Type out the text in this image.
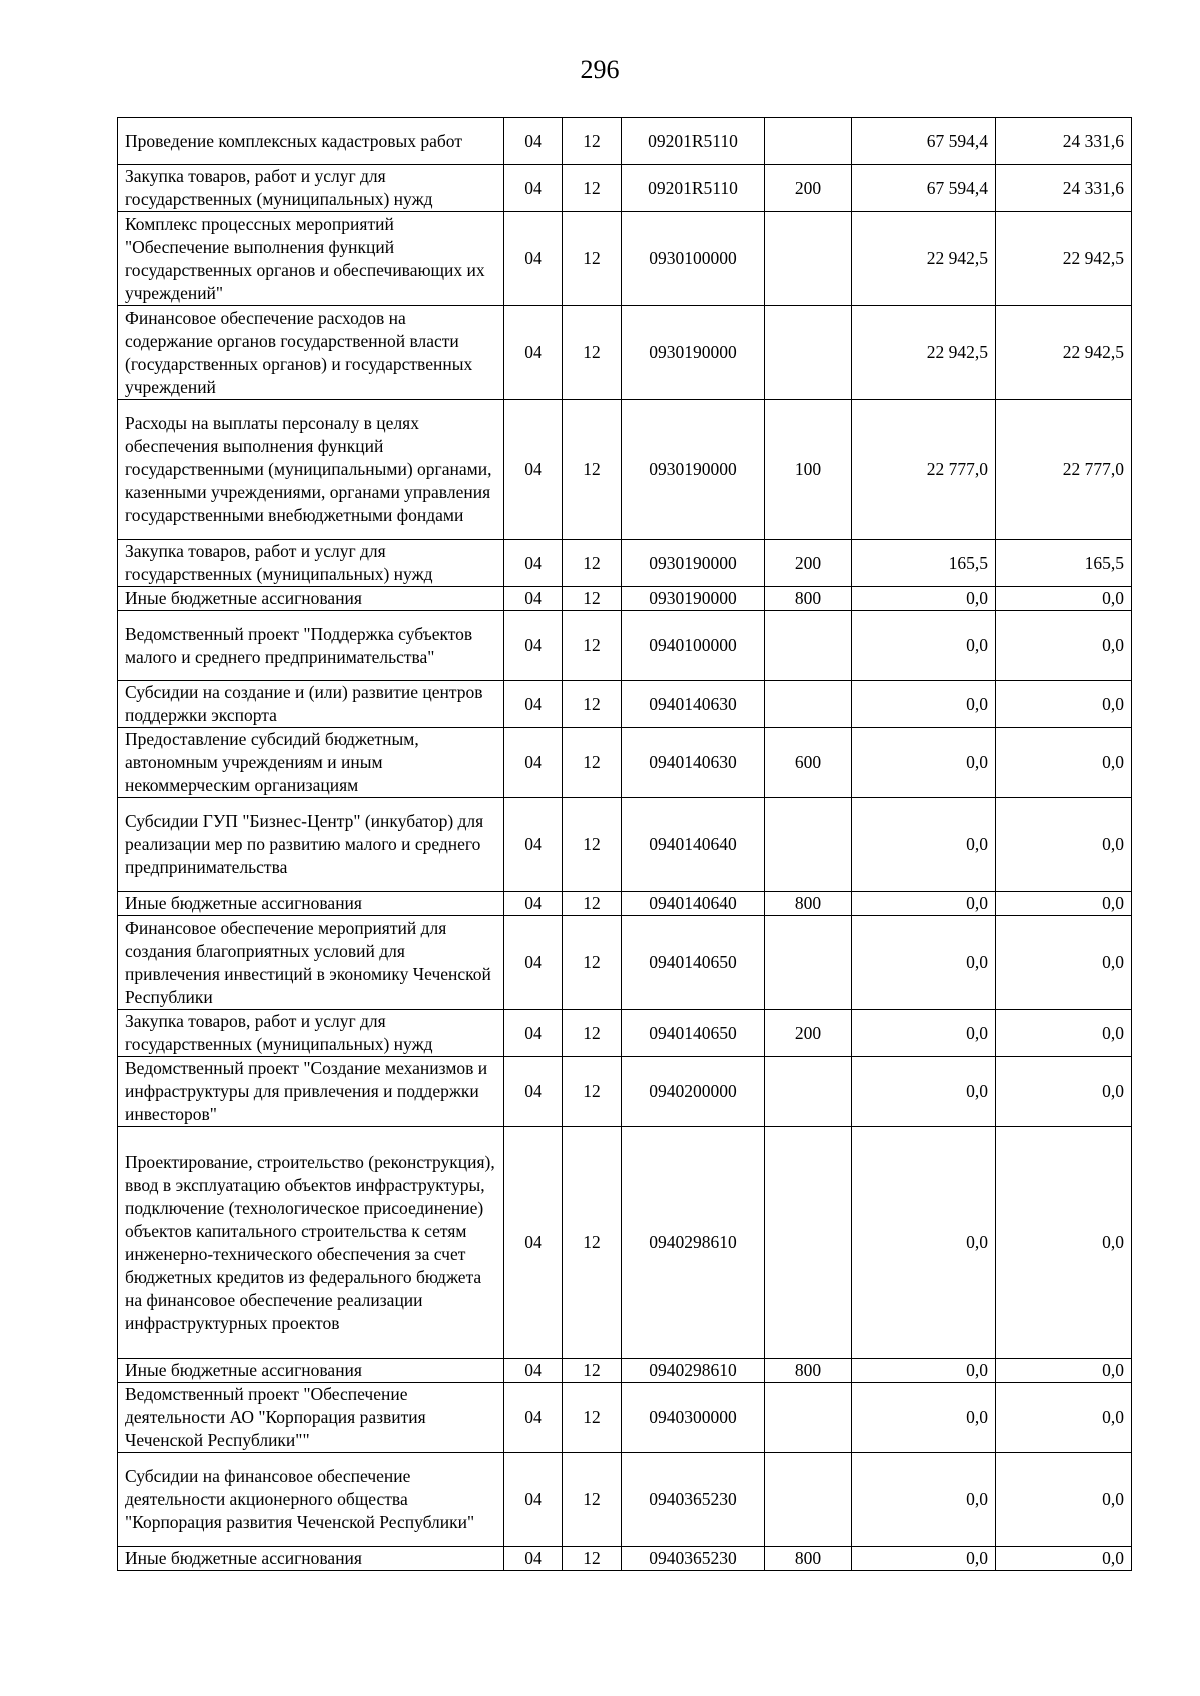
296
Проведение комплексных кадастровых работ	04	12	09201R5110		67 594,4	24 331,6
Закупка товаров, работ и услуг для государственных (муниципальных) нужд	04	12	09201R5110	200	67 594,4	24 331,6
Комплекс процессных мероприятий "Обеспечение выполнения функций государственных органов и обеспечивающих их учреждений"	04	12	0930100000		22 942,5	22 942,5
Финансовое обеспечение расходов на содержание органов государственной власти (государственных органов) и государственных учреждений	04	12	0930190000		22 942,5	22 942,5
Расходы на выплаты персоналу в целях обеспечения выполнения функций государственными (муниципальными) органами, казенными учреждениями, органами управления государственными внебюджетными фондами	04	12	0930190000	100	22 777,0	22 777,0
Закупка товаров, работ и услуг для государственных (муниципальных) нужд	04	12	0930190000	200	165,5	165,5
Иные бюджетные ассигнования	04	12	0930190000	800	0,0	0,0
Ведомственный проект "Поддержка субъектов малого и среднего предпринимательства"	04	12	0940100000		0,0	0,0
Субсидии на создание и (или) развитие центров поддержки экспорта	04	12	0940140630		0,0	0,0
Предоставление субсидий бюджетным, автономным учреждениям и иным некоммерческим организациям	04	12	0940140630	600	0,0	0,0
Субсидии ГУП "Бизнес-Центр" (инкубатор) для реализации мер по развитию малого и среднего предпринимательства	04	12	0940140640		0,0	0,0
Иные бюджетные ассигнования	04	12	0940140640	800	0,0	0,0
Финансовое обеспечение мероприятий для создания благоприятных условий для привлечения инвестиций в экономику Чеченской Республики	04	12	0940140650		0,0	0,0
Закупка товаров, работ и услуг для государственных (муниципальных) нужд	04	12	0940140650	200	0,0	0,0
Ведомственный проект "Создание механизмов и инфраструктуры для привлечения и поддержки инвесторов"	04	12	0940200000		0,0	0,0
Проектирование, строительство (реконструкция), ввод в эксплуатацию объектов инфраструктуры, подключение (технологическое присоединение) объектов капитального строительства к сетям инженерно-технического обеспечения за счет бюджетных кредитов из федерального бюджета на финансовое обеспечение реализации инфраструктурных проектов	04	12	0940298610		0,0	0,0
Иные бюджетные ассигнования	04	12	0940298610	800	0,0	0,0
Ведомственный проект "Обеспечение деятельности АО "Корпорация развития Чеченской Республики""	04	12	0940300000		0,0	0,0
Субсидии на финансовое обеспечение деятельности акционерного общества "Корпорация развития Чеченской Республики"	04	12	0940365230		0,0	0,0
Иные бюджетные ассигнования	04	12	0940365230	800	0,0	0,0
